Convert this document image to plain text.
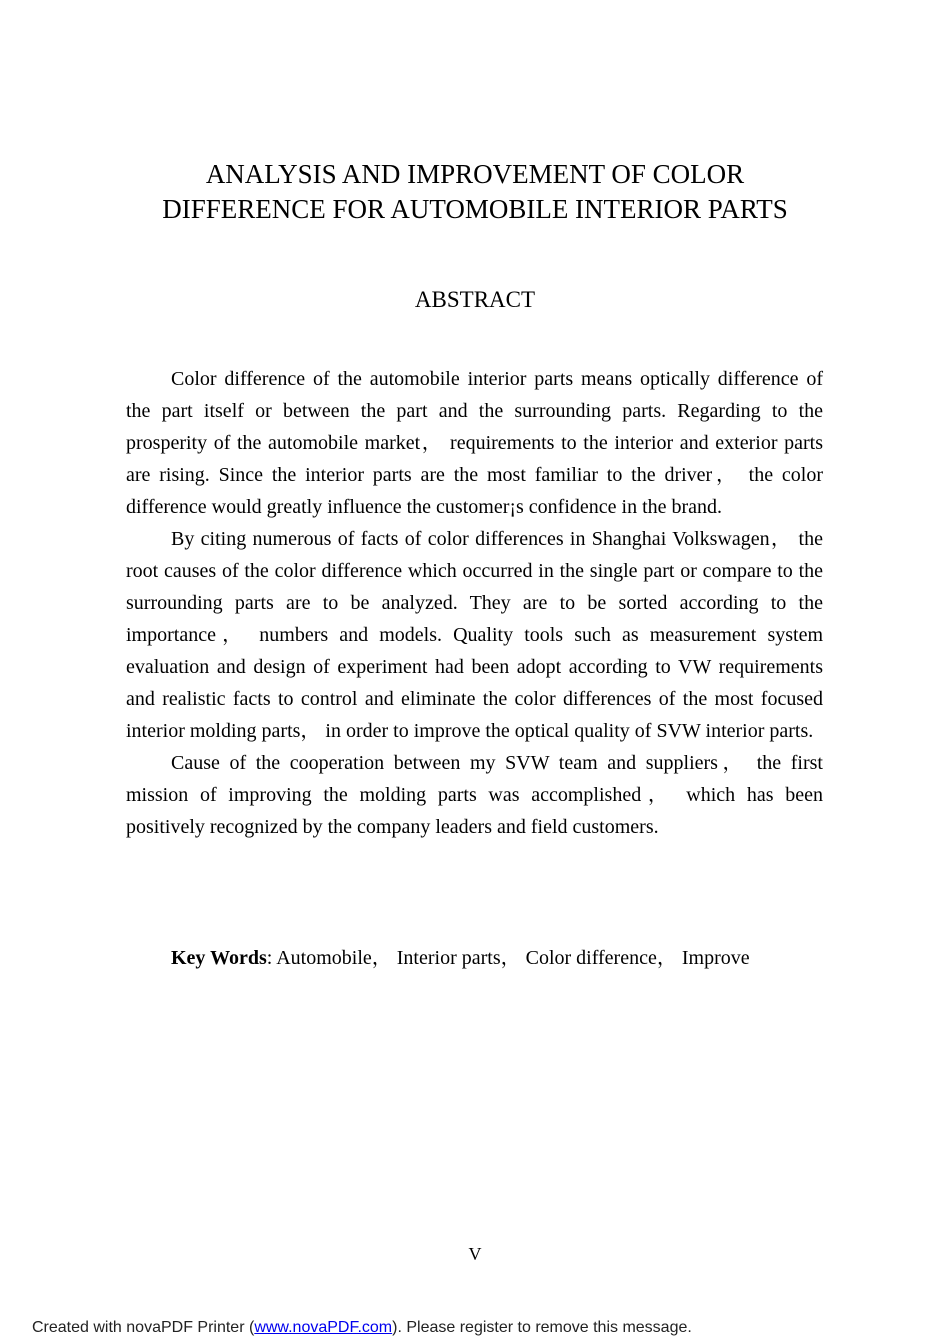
ANALYSIS AND IMPROVEMENT OF COLOR
DIFFERENCE FOR AUTOMOBILE INTERIOR PARTS
ABSTRACT

Color difference of the automobile interior parts means optically difference of the part itself or between the part and the surrounding parts. Regarding to the prosperity of the automobile market， requirements to the interior and exterior parts are rising. Since the interior parts are the most familiar to the driver， the color difference would greatly influence the customer¡s confidence in the brand.

By citing numerous of facts of color differences in Shanghai Volkswagen， the root causes of the color difference which occurred in the single part or compare to the surrounding parts are to be analyzed. They are to be sorted according to the importance， numbers and models. Quality tools such as measurement system evaluation and design of experiment had been adopt according to VW requirements and realistic facts to control and eliminate the color differences of the most focused interior molding parts， in order to improve the optical quality of SVW interior parts.

Cause of the cooperation between my SVW team and suppliers， the first mission of improving the molding parts was accomplished， which has been positively recognized by the company leaders and field customers.

Key Words: Automobile， Interior parts， Color difference， Improve
V
Created with novaPDF Printer (www.novaPDF.com). Please register to remove this message.
